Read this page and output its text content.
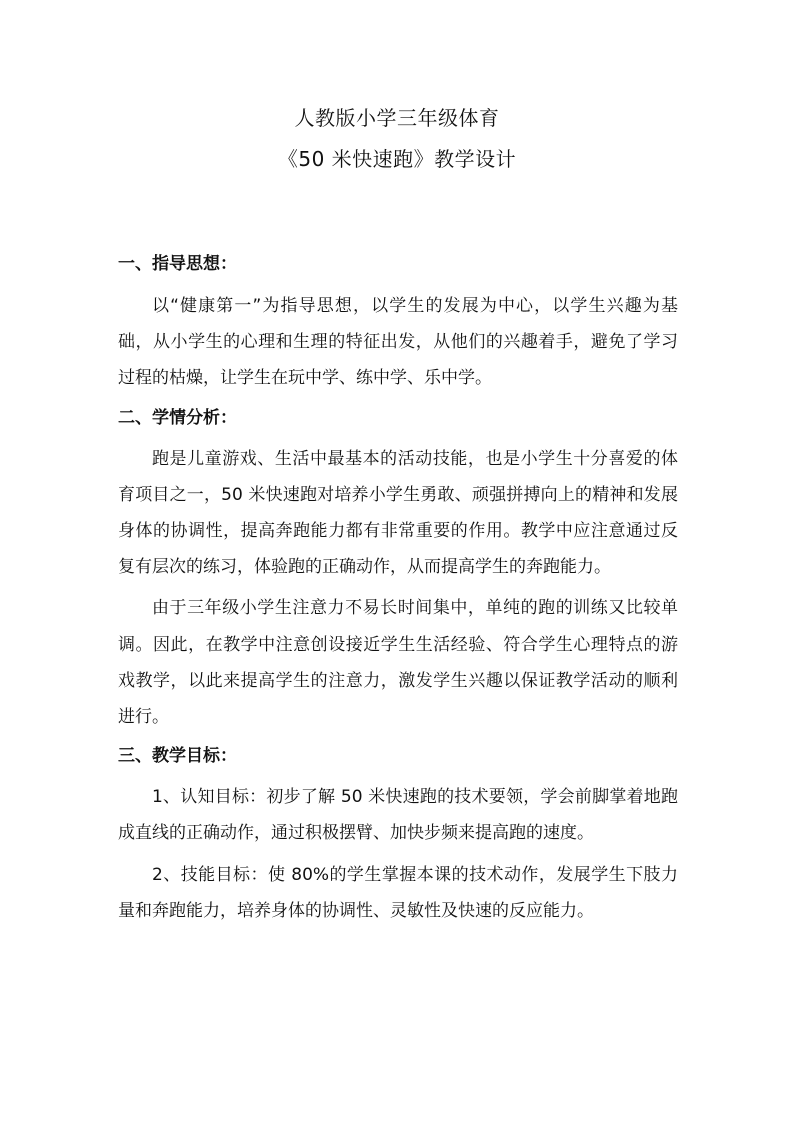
人教版小学三年级体育
《50 米快速跑》教学设计

一、指导思想：

以“健康第一”为指导思想，以学生的发展为中心，以学生兴趣为基础，从小学生的心理和生理的特征出发，从他们的兴趣着手，避免了学习过程的枯燥，让学生在玩中学、练中学、乐中学。

二、学情分析：

跑是儿童游戏、生活中最基本的活动技能，也是小学生十分喜爱的体育项目之一，50 米快速跑对培养小学生勇敢、顽强拼搏向上的精神和发展身体的协调性，提高奔跑能力都有非常重要的作用。教学中应注意通过反复有层次的练习，体验跑的正确动作，从而提高学生的奔跑能力。

由于三年级小学生注意力不易长时间集中，单纯的跑的训练又比较单调。因此，在教学中注意创设接近学生生活经验、符合学生心理特点的游戏教学，以此来提高学生的注意力，激发学生兴趣以保证教学活动的顺利进行。

三、教学目标：

1、认知目标：初步了解 50 米快速跑的技术要领，学会前脚掌着地跑成直线的正确动作，通过积极摆臂、加快步频来提高跑的速度。

2、技能目标：使 80%的学生掌握本课的技术动作，发展学生下肢力量和奔跑能力，培养身体的协调性、灵敏性及快速的反应能力。
